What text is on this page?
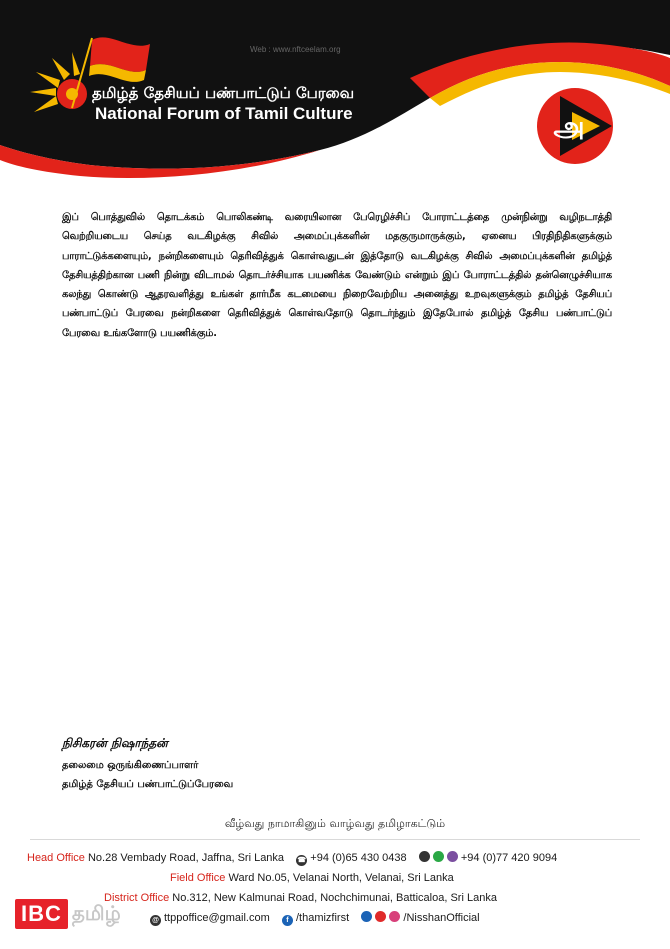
Web : www.nftceelam.org
தமிழ்த் தேசியப் பண்பாட்டுப் பேரவை
National Forum of Tamil Culture	அ
இப் பொத்துவில் தொடக்கம் பொலிகண்டி வரையிலான பேரெழிச்சிப் போராட்டத்தை முன்நின்று வழிநடாத்தி வெற்றியடைய செய்த வடகிழக்கு சிவில் அமைப்புக்களின் மதகுருமாருக்கும், ஏனைய பிரதிநிதிகளுக்கும் பாராட்டுக்களையும், நன்றிகளையும் தெரிவித்துக் கொள்வதுடன் இத்தோடு வடகிழக்கு சிவில் அமைப்புக்களின் தமிழ்த் தேசியத்திற்கான பணி நின்று விடாமல் தொடர்ச்சியாக பயணிக்க வேண்டும் என்றும் இப் போராட்டத்தில் தன்னெழுச்சியாக கலந்து கொண்டு ஆதரவளித்து உங்கள் தார்மீக கடமையை நிறைவேற்றிய அனைத்து உறவுகளுக்கும் தமிழ்த் தேசியப் பண்பாட்டுப் பேரவை நன்றிகளை தெரிவித்துக் கொள்வதோடு தொடர்ந்தும் இதேபோல் தமிழ்த் தேசிய பண்பாட்டுப் பேரவை உங்களோடு பயணிக்கும்.
நிசிகரன் நிஷாந்தன்
தலைமை ஒருங்கிணைப்பாளர்
தமிழ்த் தேசியப் பண்பாட்டுப்பேரவை
வீழ்வது நாமாகினும் வாழ்வது தமிழாகட்டும்
Head Office No.28 Vembady Road, Jaffna, Sri Lanka ☎ +94 (0)65 430 0438	+94 (0)77 420 9094
Field Office Ward No.05, Velanai North, Velanai, Sri Lanka
District Office No.312, New Kalmunai Road, Nochchimunai, Batticaloa, Sri Lanka
@ ttppoffice@gmail.com f /thamizfirst	/NisshanOfficial
IBC தமிழ்
